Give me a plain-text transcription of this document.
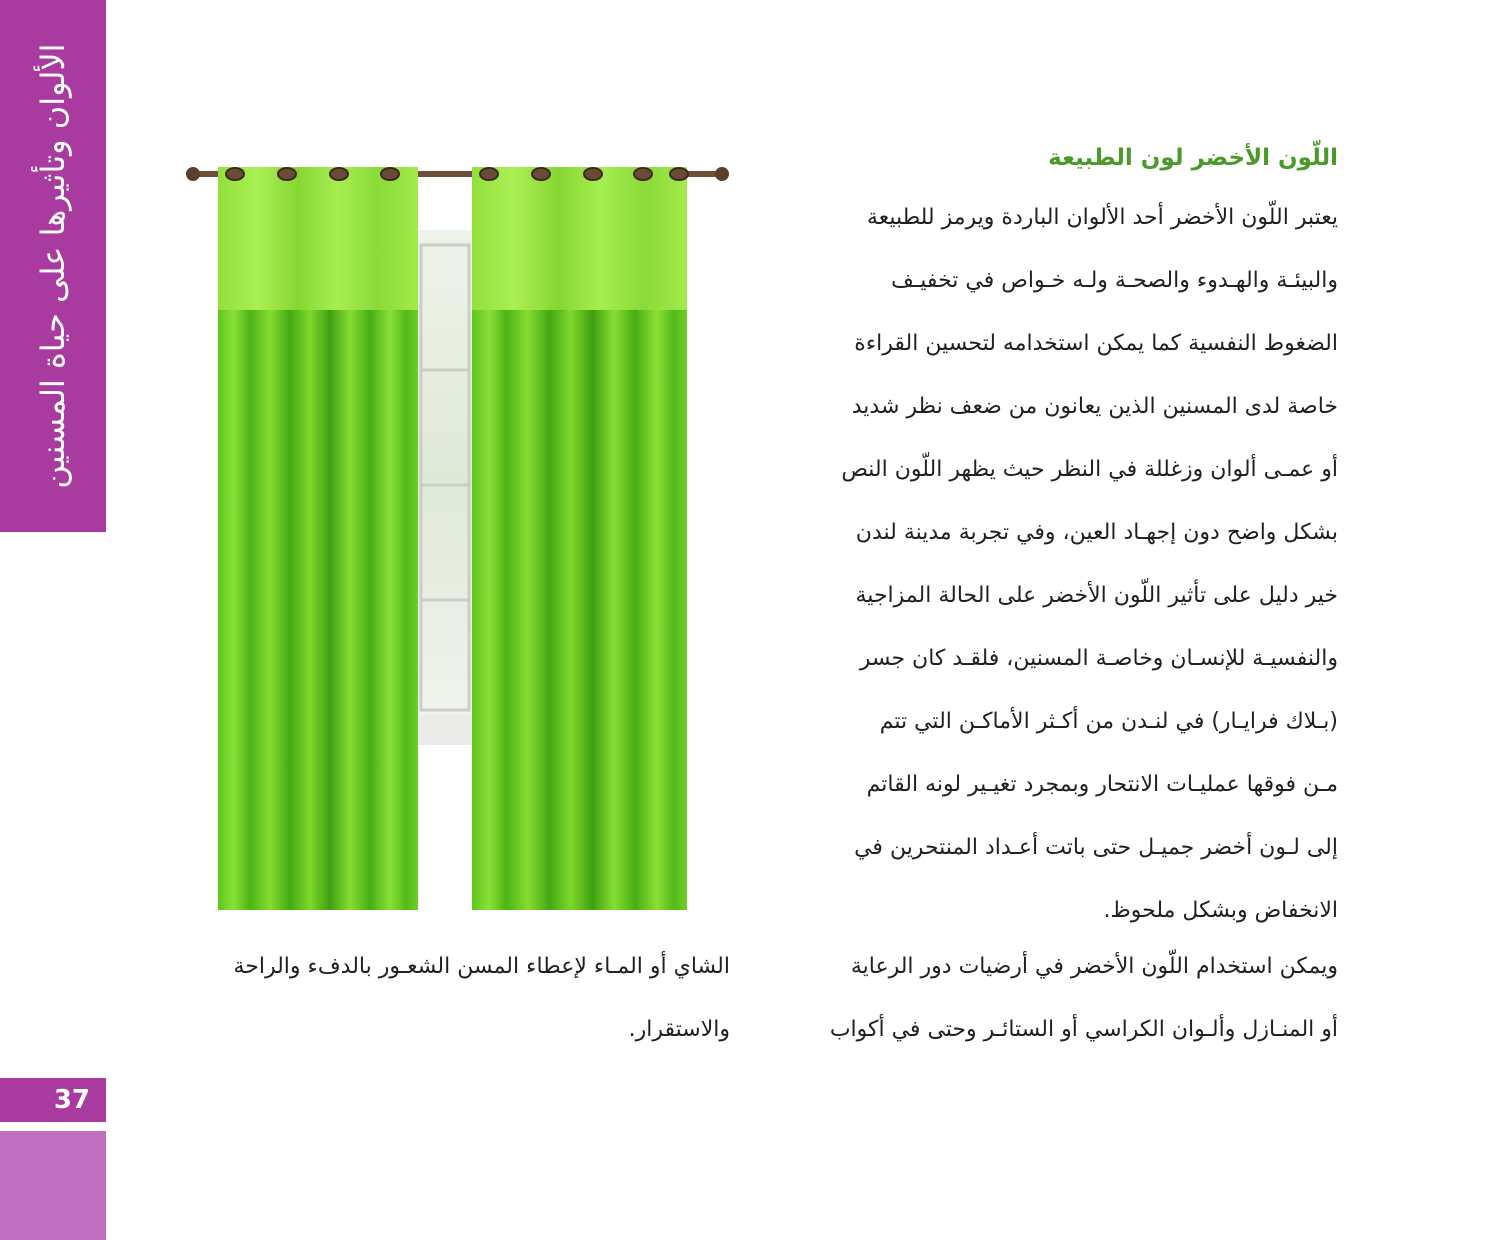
الألوان وتأثيرها على حياة المسنين
37
اللّون الأخضر لون الطبيعة
يعتبر اللّون الأخضر أحد الألوان الباردة ويرمز للطبيعة
والبيئـة والهـدوء والصحـة ولـه خـواص في تخفيـف
الضغوط النفسية كما يمكن استخدامه لتحسين القراءة
خاصة لدى المسنين الذين يعانون من ضعف نظر شديد
أو عمـى ألوان وزغللة في النظر حيث يظهر اللّون النص
بشكل واضح دون إجهـاد العين، وفي تجربة مدينة لندن
خير دليل على تأثير اللّون الأخضر على الحالة المزاجية
والنفسيـة للإنسـان وخاصـة المسنين، فلقـد كان جسر
(بـلاك فرايـار) في لنـدن من أكـثر الأماكـن التي تتم
مـن فوقها عمليـات الانتحار وبمجرد تغيـير لونه القاتم
إلى لـون أخضر جميـل حتى باتت أعـداد المنتحرين في
الانخفاض وبشكل ملحوظ.
ويمكن استخدام اللّون الأخضر في أرضيات دور الرعاية
أو المنـازل وألـوان الكراسي أو الستائـر وحتى في أكواب
الشاي أو المـاء لإعطاء المسن الشعـور بالدفء والراحة
والاستقرار.
